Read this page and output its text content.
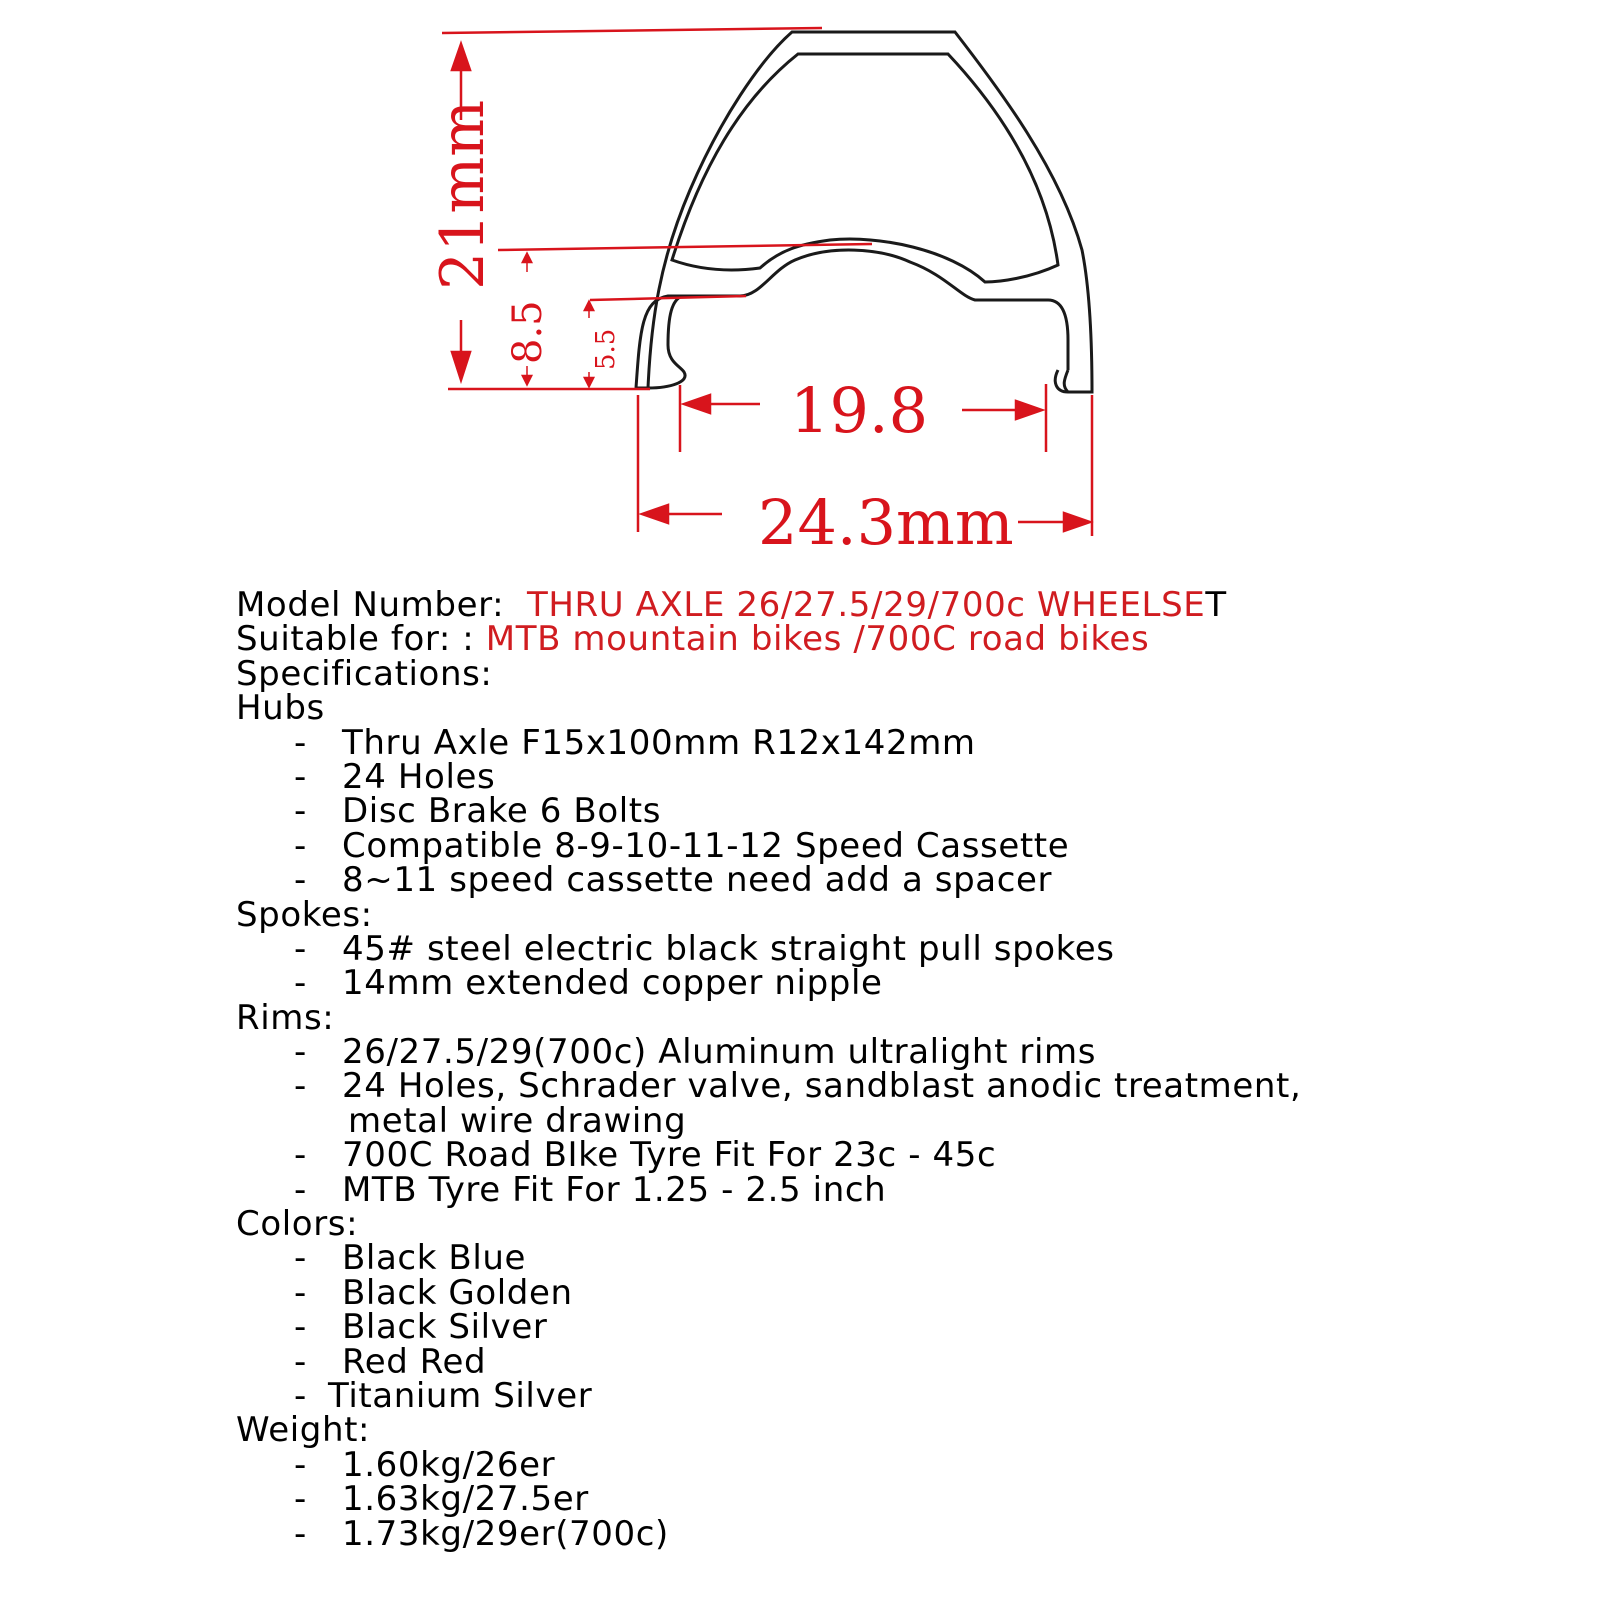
21mm
8.5 5.5
19.8
24.3mm
Model Number: THRU AXLE 26/27.5/29/700c WHEELSET
Suitable for: : MTB mountain bikes /700C road bikes
Specifications:
Hubs
- Thru Axle F15x100mm R12x142mm
- 24 Holes
- Disc Brake 6 Bolts
- Compatible 8-9-10-11-12 Speed Cassette
- 8~11 speed cassette need add a spacer
Spokes:
- 45# steel electric black straight pull spokes
- 14mm extended copper nipple
Rims:
- 26/27.5/29(700c) Aluminum ultralight rims
- 24 Holes, Schrader valve, sandblast anodic treatment,
metal wire drawing
- 700C Road BIke Tyre Fit For 23c - 45c
- MTB Tyre Fit For 1.25 - 2.5 inch
Colors:
- Black Blue
- Black Golden
- Black Silver
- Red Red
- Titanium Silver
Weight:
- 1.60kg/26er
- 1.63kg/27.5er
- 1.73kg/29er(700c)
